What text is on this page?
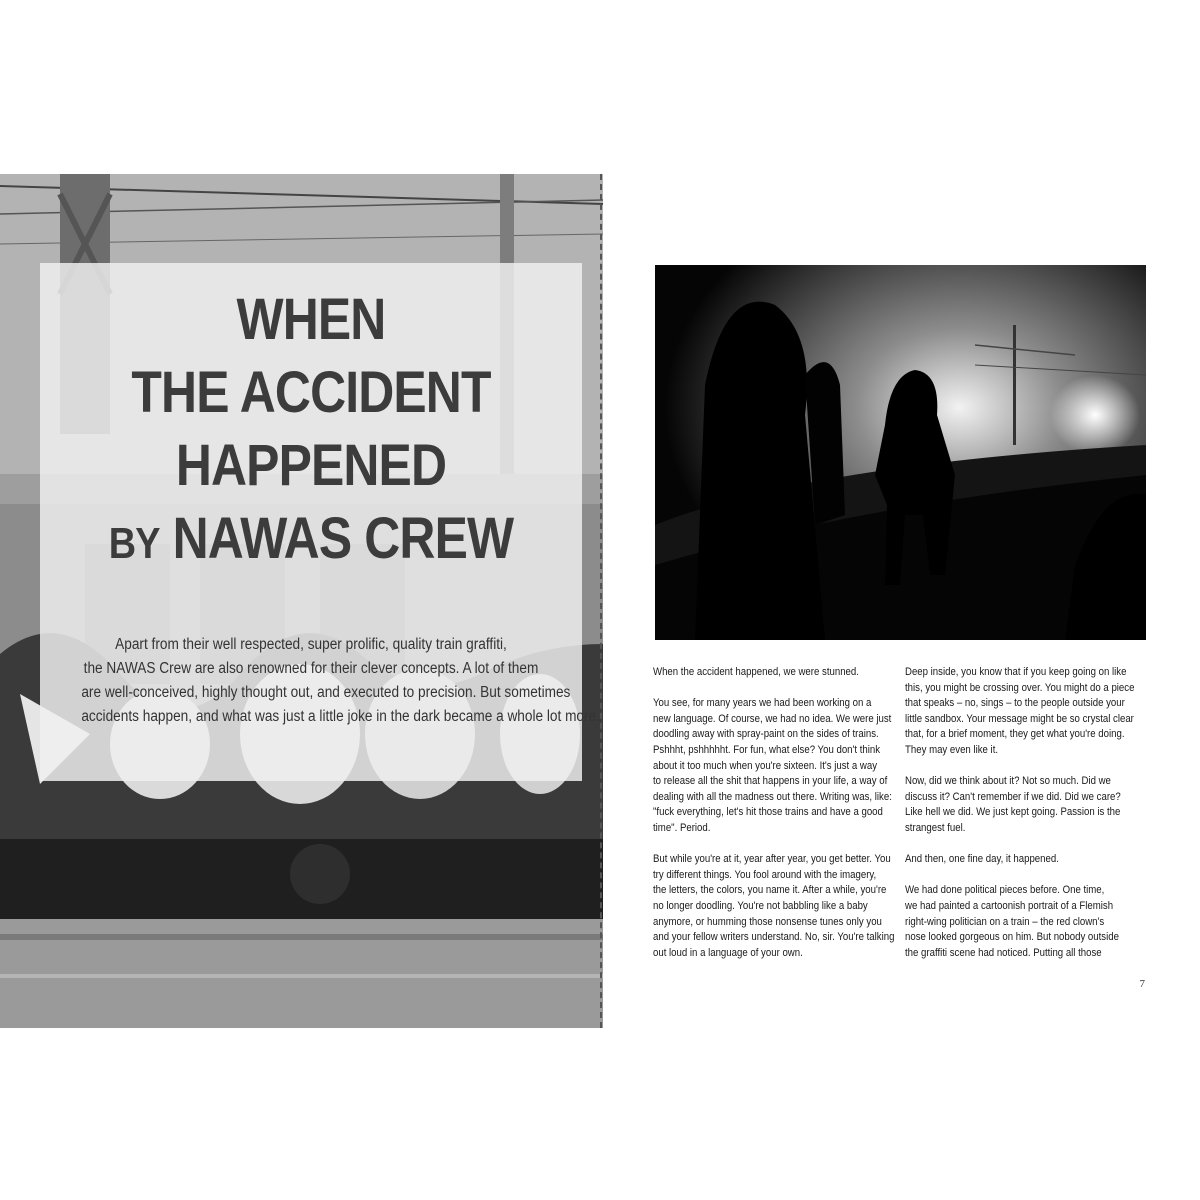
WHEN
THE ACCIDENT
HAPPENED
BY NAWAS CREW
Apart from their well respected, super prolific, quality train graffiti,
the NAWAS Crew are also renowned for their clever concepts. A lot of them
are well-conceived, highly thought out, and executed to precision. But sometimes
accidents happen, and what was just a little joke in the dark became a whole lot more.

When the accident happened, we were stunned.

You see, for many years we had been working on a
new language. Of course, we had no idea. We were just
doodling away with spray-paint on the sides of trains.
Pshhht, pshhhhht. For fun, what else? You don't think
about it too much when you're sixteen. It's just a way
to release all the shit that happens in your life, a way of
dealing with all the madness out there. Writing was, like:
"fuck everything, let's hit those trains and have a good
time". Period.

But while you're at it, year after year, you get better. You
try different things. You fool around with the imagery,
the letters, the colors, you name it. After a while, you're
no longer doodling. You're not babbling like a baby
anymore, or humming those nonsense tunes only you
and your fellow writers understand. No, sir. You're talking
out loud in a language of your own.

Deep inside, you know that if you keep going on like
this, you might be crossing over. You might do a piece
that speaks – no, sings – to the people outside your
little sandbox. Your message might be so crystal clear
that, for a brief moment, they get what you're doing.
They may even like it.

Now, did we think about it? Not so much. Did we
discuss it? Can't remember if we did. Did we care?
Like hell we did. We just kept going. Passion is the
strangest fuel.

And then, one fine day, it happened.

We had done political pieces before. One time,
we had painted a cartoonish portrait of a Flemish
right-wing politician on a train – the red clown's
nose looked gorgeous on him. But nobody outside
the graffiti scene had noticed. Putting all those

7
